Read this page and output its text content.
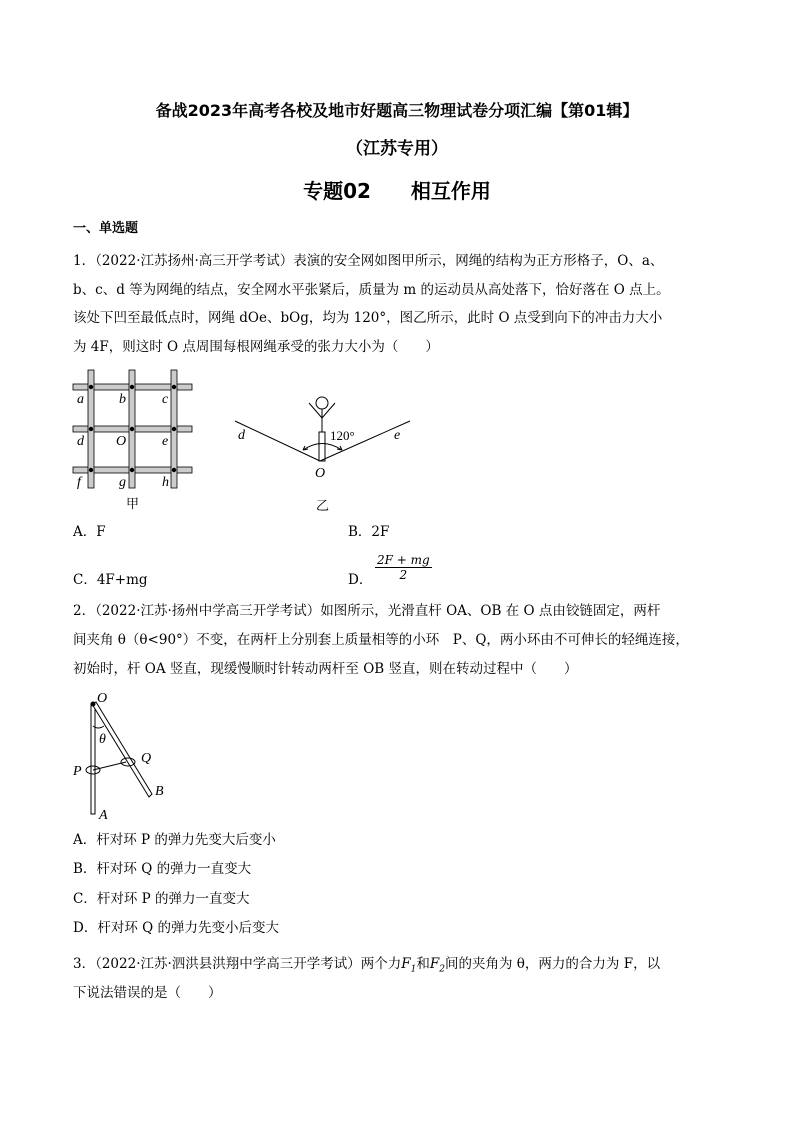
备战2023年高考各校及地市好题高三物理试卷分项汇编【第01辑】
（江苏专用）
专题02　　相互作用
一、单选题
1．（2022·江苏扬州·高三开学考试）表演的安全网如图甲所示，网绳的结构为正方形格子，O、a、
b、c、d 等为网绳的结点，安全网水平张紧后，质量为 m 的运动员从高处落下，恰好落在 O 点上。
该处下凹至最低点时，网绳 dOe、bOg，均为 120°，图乙所示，此时 O 点受到向下的冲击力大小
为 4F，则这时 O 点周围每根网绳承受的张力大小为（　　）
a	b	c
d O	e
f	g	h
甲
d	e
O
120°
乙
A．F	B．2F
C．4F+mg	D． $\frac{2F + mg}{2}$
2．（2022·江苏·扬州中学高三开学考试）如图所示，光滑直杆 OA、OB 在 O 点由铰链固定，两杆
间夹角 θ（θ<90°）不变，在两杆上分别套上质量相等的小环　P、Q，两小环由不可伸长的轻绳连接，
初始时，杆 OA 竖直，现缓慢顺时针转动两杆至 OB 竖直，则在转动过程中（　　）
O
θ
P
Q
B
A
A．杆对环 P 的弹力先变大后变小
B．杆对环 Q 的弹力一直变大
C．杆对环 P 的弹力一直变大
D．杆对环 Q 的弹力先变小后变大
3．（2022·江苏·泗洪县洪翔中学高三开学考试）两个力$F_1$和$F_2$间的夹角为 θ，两力的合力为 F，以
下说法错误的是（　　）
